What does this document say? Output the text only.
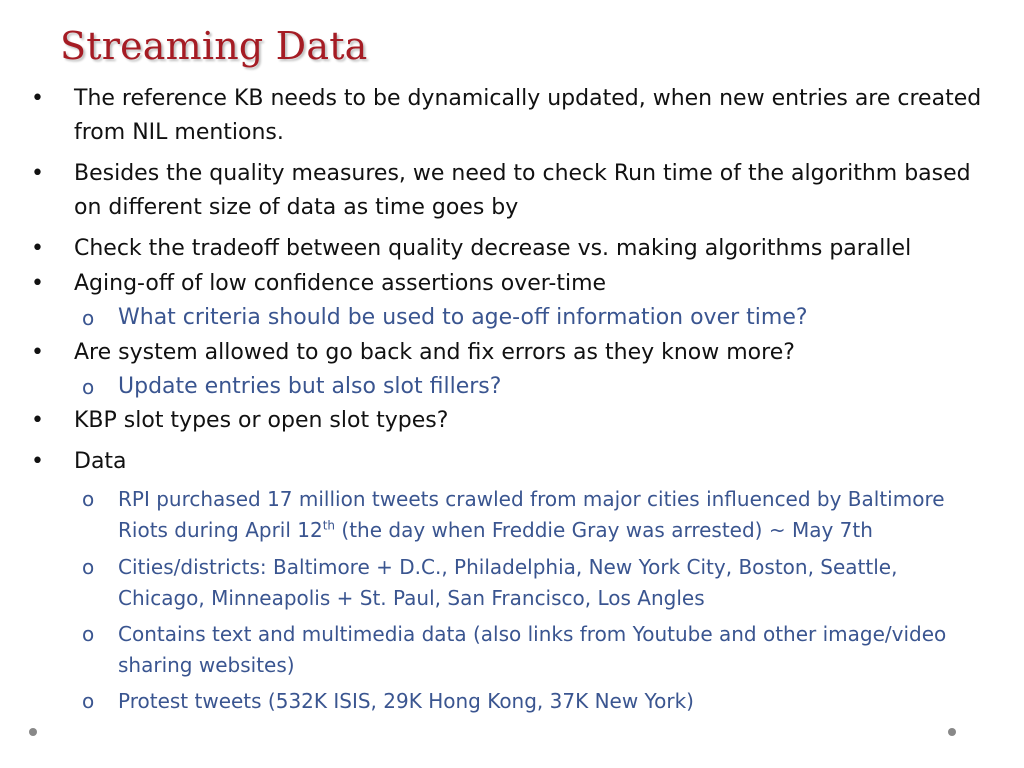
Streaming Data
•	The reference KB needs to be dynamically updated, when new entries are created from NIL mentions.
•	Besides the quality measures, we need to check Run time of the algorithm based on different size of data as time goes by
•	Check the tradeoff between quality decrease vs. making algorithms parallel
•	Aging-off of low confidence assertions over-time
o	What criteria should be used to age-off information over time?
•	Are system allowed to go back and fix errors as they know more?
o	Update entries but also slot fillers?
•	KBP slot types or open slot types?
•	Data
o	RPI purchased 17 million tweets crawled from major cities influenced by Baltimore Riots during April 12th (the day when Freddie Gray was arrested) ~ May 7th
o	Cities/districts: Baltimore + D.C., Philadelphia, New York City, Boston, Seattle, Chicago, Minneapolis + St. Paul, San Francisco, Los Angles
o	Contains text and multimedia data (also links from Youtube and other image/video sharing websites)
o	Protest tweets (532K ISIS, 29K Hong Kong, 37K New York)
